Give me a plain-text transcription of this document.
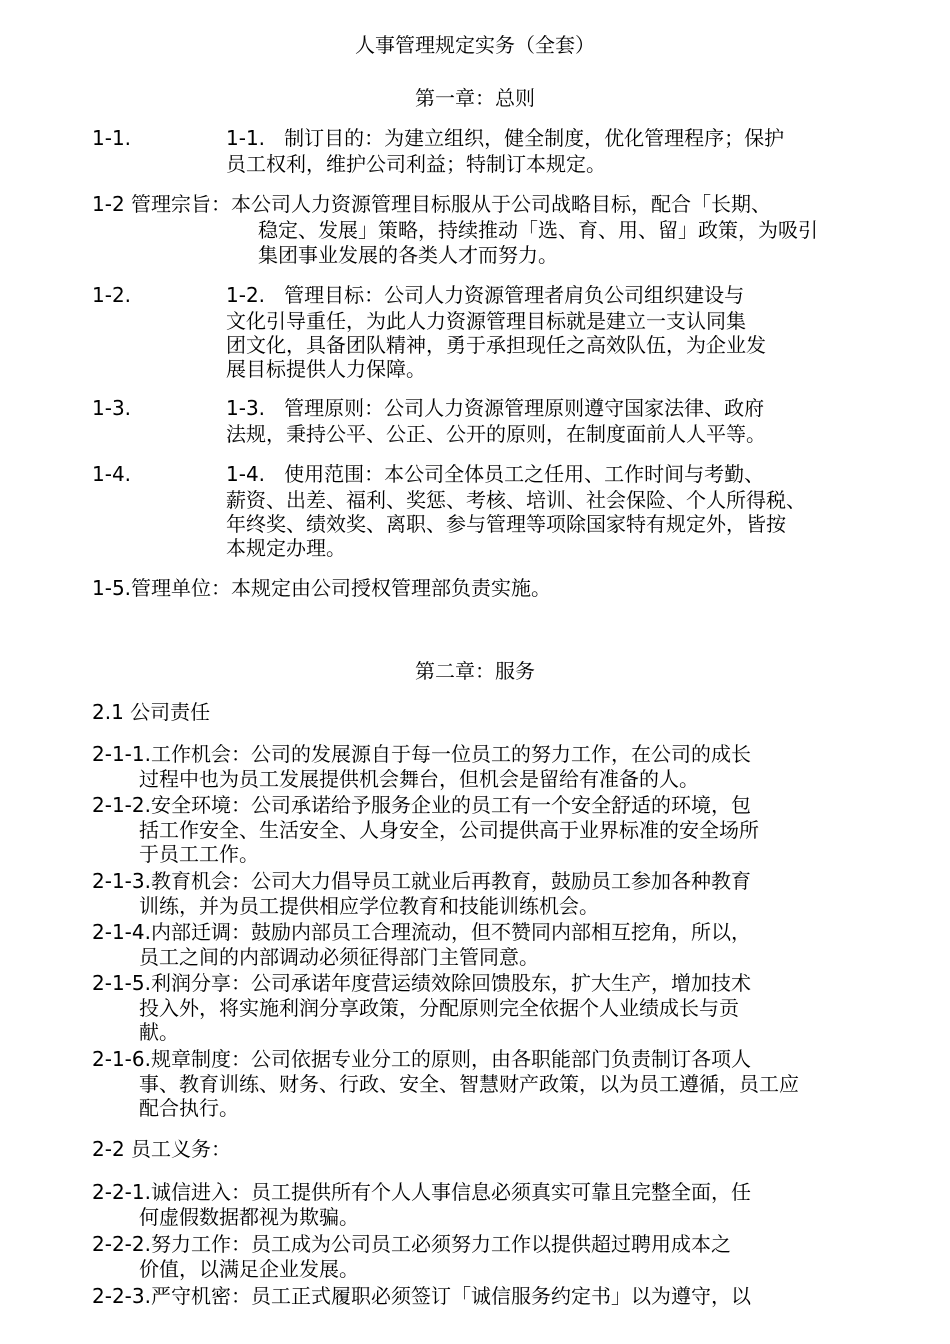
人事管理规定实务（全套）
第一章：总则
1-1.	1-1. 制订目的：为建立组织，健全制度，优化管理程序；保护
员工权利，维护公司利益；特制订本规定。
1-2 管理宗旨：本公司人力资源管理目标服从于公司战略目标，配合「长期、
稳定、发展」策略，持续推动「选、育、用、留」政策，为吸引
集团事业发展的各类人才而努力。
1-2.	1-2. 管理目标：公司人力资源管理者肩负公司组织建设与
文化引导重任，为此人力资源管理目标就是建立一支认同集
团文化，具备团队精神，勇于承担现任之高效队伍，为企业发
展目标提供人力保障。
1-3.	1-3. 管理原则：公司人力资源管理原则遵守国家法律、政府
法规，秉持公平、公正、公开的原则，在制度面前人人平等。
1-4.	1-4. 使用范围：本公司全体员工之任用、工作时间与考勤、
薪资、出差、福利、奖惩、考核、培训、社会保险、个人所得税、
年终奖、绩效奖、离职、参与管理等项除国家特有规定外，皆按
本规定办理。
1-5.管理单位：本规定由公司授权管理部负责实施。
第二章：服务
2.1 公司责任
2-1-1.工作机会：公司的发展源自于每一位员工的努力工作，在公司的成长
过程中也为员工发展提供机会舞台，但机会是留给有准备的人。
2-1-2.安全环境：公司承诺给予服务企业的员工有一个安全舒适的环境，包
括工作安全、生活安全、人身安全，公司提供高于业界标准的安全场所
于员工工作。
2-1-3.教育机会：公司大力倡导员工就业后再教育，鼓励员工参加各种教育
训练，并为员工提供相应学位教育和技能训练机会。
2-1-4.内部迁调：鼓励内部员工合理流动，但不赞同内部相互挖角，所以，
员工之间的内部调动必须征得部门主管同意。
2-1-5.利润分享：公司承诺年度营运绩效除回馈股东，扩大生产，增加技术
投入外，将实施利润分享政策，分配原则完全依据个人业绩成长与贡
献。
2-1-6.规章制度：公司依据专业分工的原则，由各职能部门负责制订各项人
事、教育训练、财务、行政、安全、智慧财产政策，以为员工遵循，员工应
配合执行。
2-2 员工义务：
2-2-1.诚信进入：员工提供所有个人人事信息必须真实可靠且完整全面，任
何虚假数据都视为欺骗。
2-2-2.努力工作：员工成为公司员工必须努力工作以提供超过聘用成本之
价值，以满足企业发展。
2-2-3.严守机密：员工正式履职必须签订「诚信服务约定书」以为遵守，以
